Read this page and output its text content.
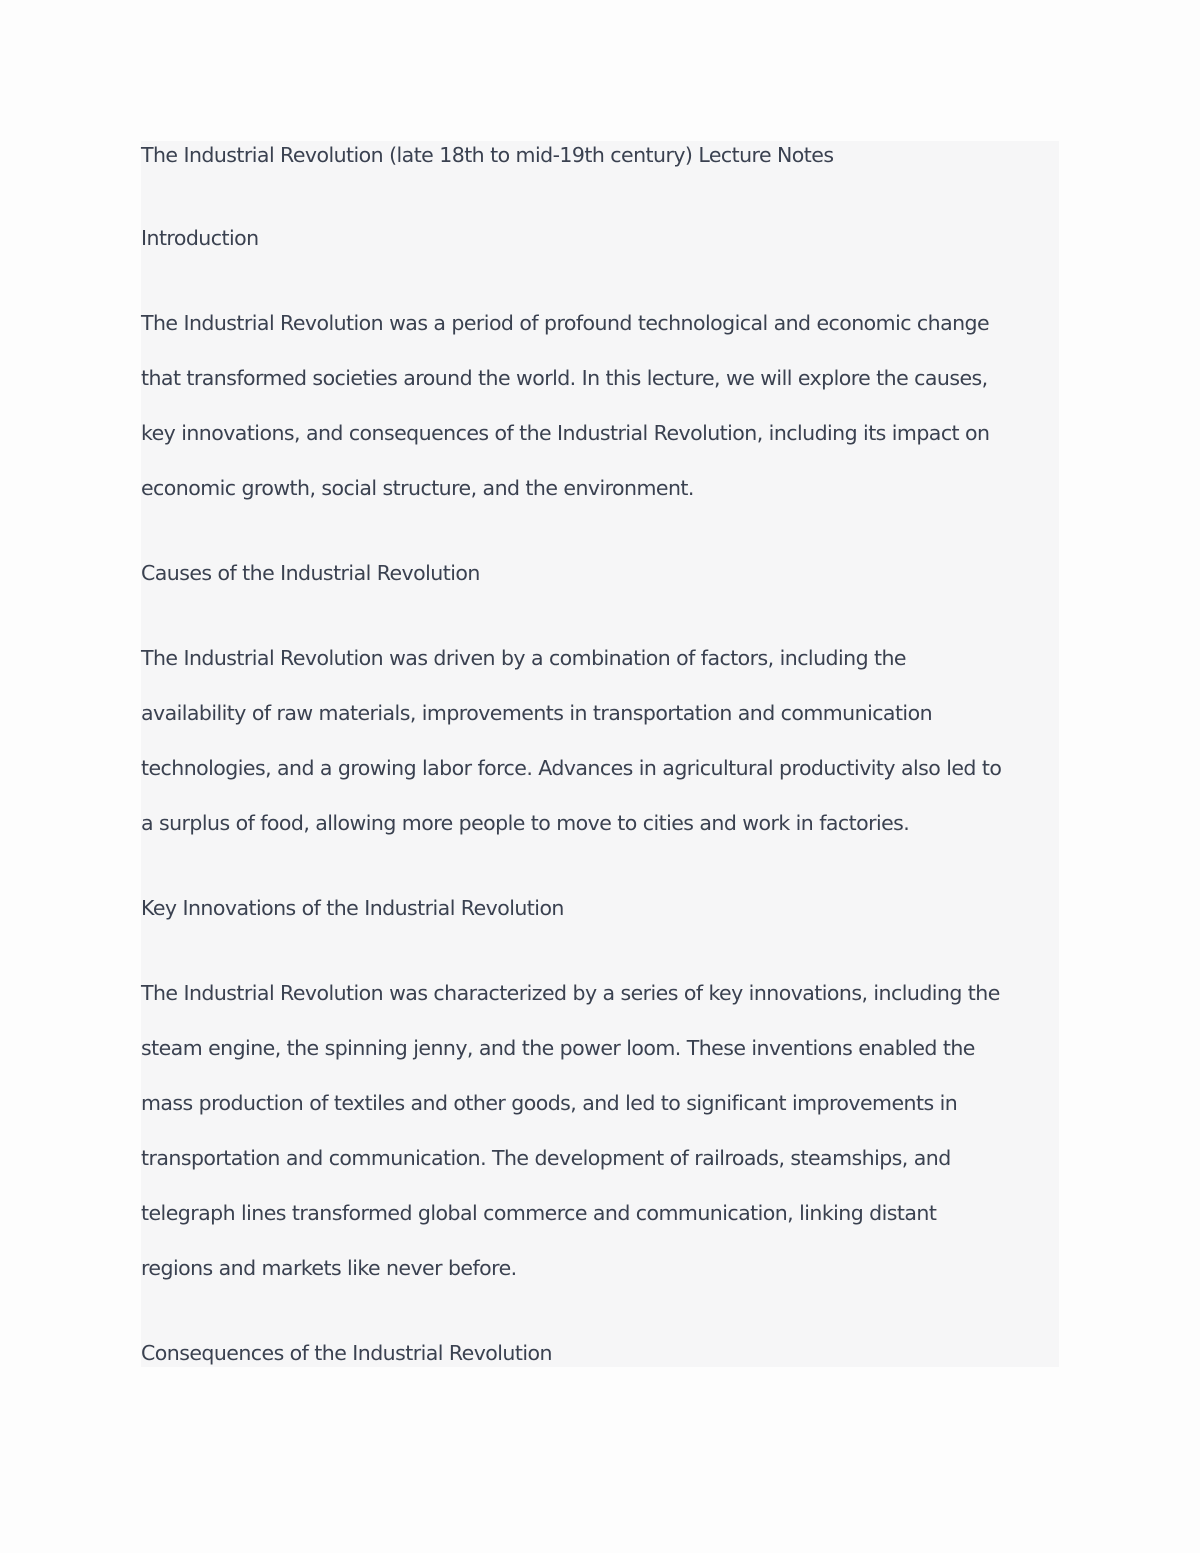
The Industrial Revolution (late 18th to mid-19th century) Lecture Notes

Introduction

The Industrial Revolution was a period of profound technological and economic change

that transformed societies around the world. In this lecture, we will explore the causes,

key innovations, and consequences of the Industrial Revolution, including its impact on

economic growth, social structure, and the environment.

Causes of the Industrial Revolution

The Industrial Revolution was driven by a combination of factors, including the

availability of raw materials, improvements in transportation and communication

technologies, and a growing labor force. Advances in agricultural productivity also led to

a surplus of food, allowing more people to move to cities and work in factories.

Key Innovations of the Industrial Revolution

The Industrial Revolution was characterized by a series of key innovations, including the

steam engine, the spinning jenny, and the power loom. These inventions enabled the

mass production of textiles and other goods, and led to significant improvements in

transportation and communication. The development of railroads, steamships, and

telegraph lines transformed global commerce and communication, linking distant

regions and markets like never before.

Consequences of the Industrial Revolution
